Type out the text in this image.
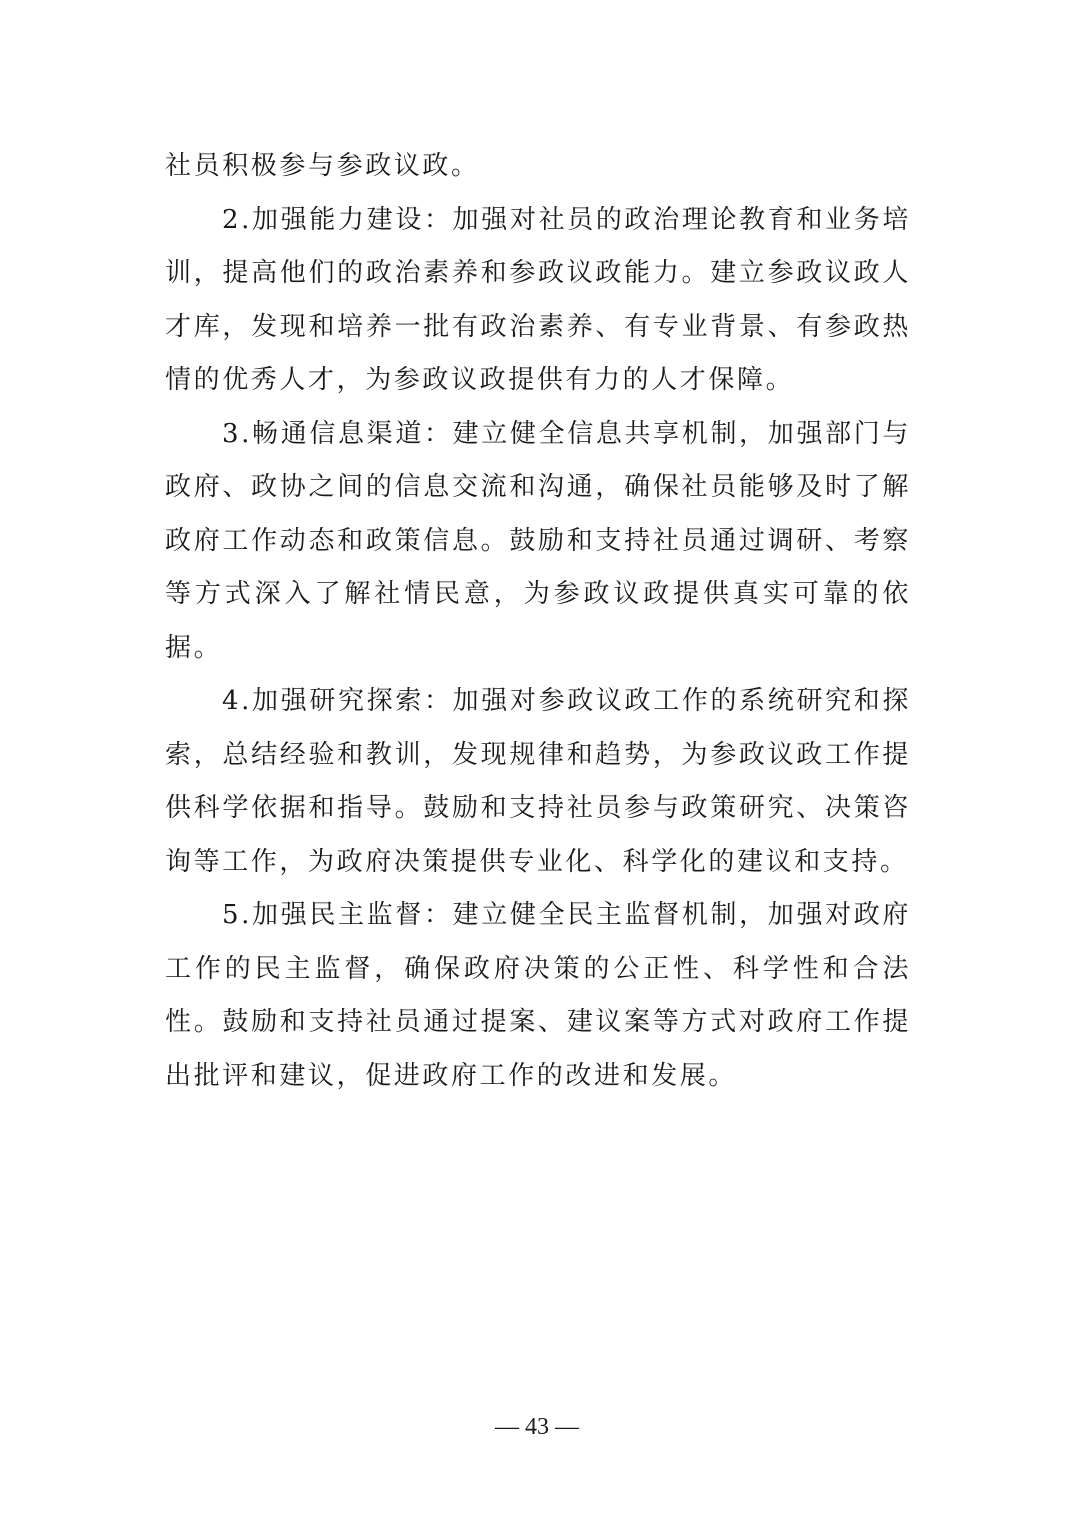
社员积极参与参政议政。

2.加强能力建设：加强对社员的政治理论教育和业务培训，提高他们的政治素养和参政议政能力。建立参政议政人才库，发现和培养一批有政治素养、有专业背景、有参政热情的优秀人才，为参政议政提供有力的人才保障。

3.畅通信息渠道：建立健全信息共享机制，加强部门与政府、政协之间的信息交流和沟通，确保社员能够及时了解政府工作动态和政策信息。鼓励和支持社员通过调研、考察等方式深入了解社情民意，为参政议政提供真实可靠的依据。

4.加强研究探索：加强对参政议政工作的系统研究和探索，总结经验和教训，发现规律和趋势，为参政议政工作提供科学依据和指导。鼓励和支持社员参与政策研究、决策咨询等工作，为政府决策提供专业化、科学化的建议和支持。

5.加强民主监督：建立健全民主监督机制，加强对政府工作的民主监督，确保政府决策的公正性、科学性和合法性。鼓励和支持社员通过提案、建议案等方式对政府工作提出批评和建议，促进政府工作的改进和发展。

— 43 —
